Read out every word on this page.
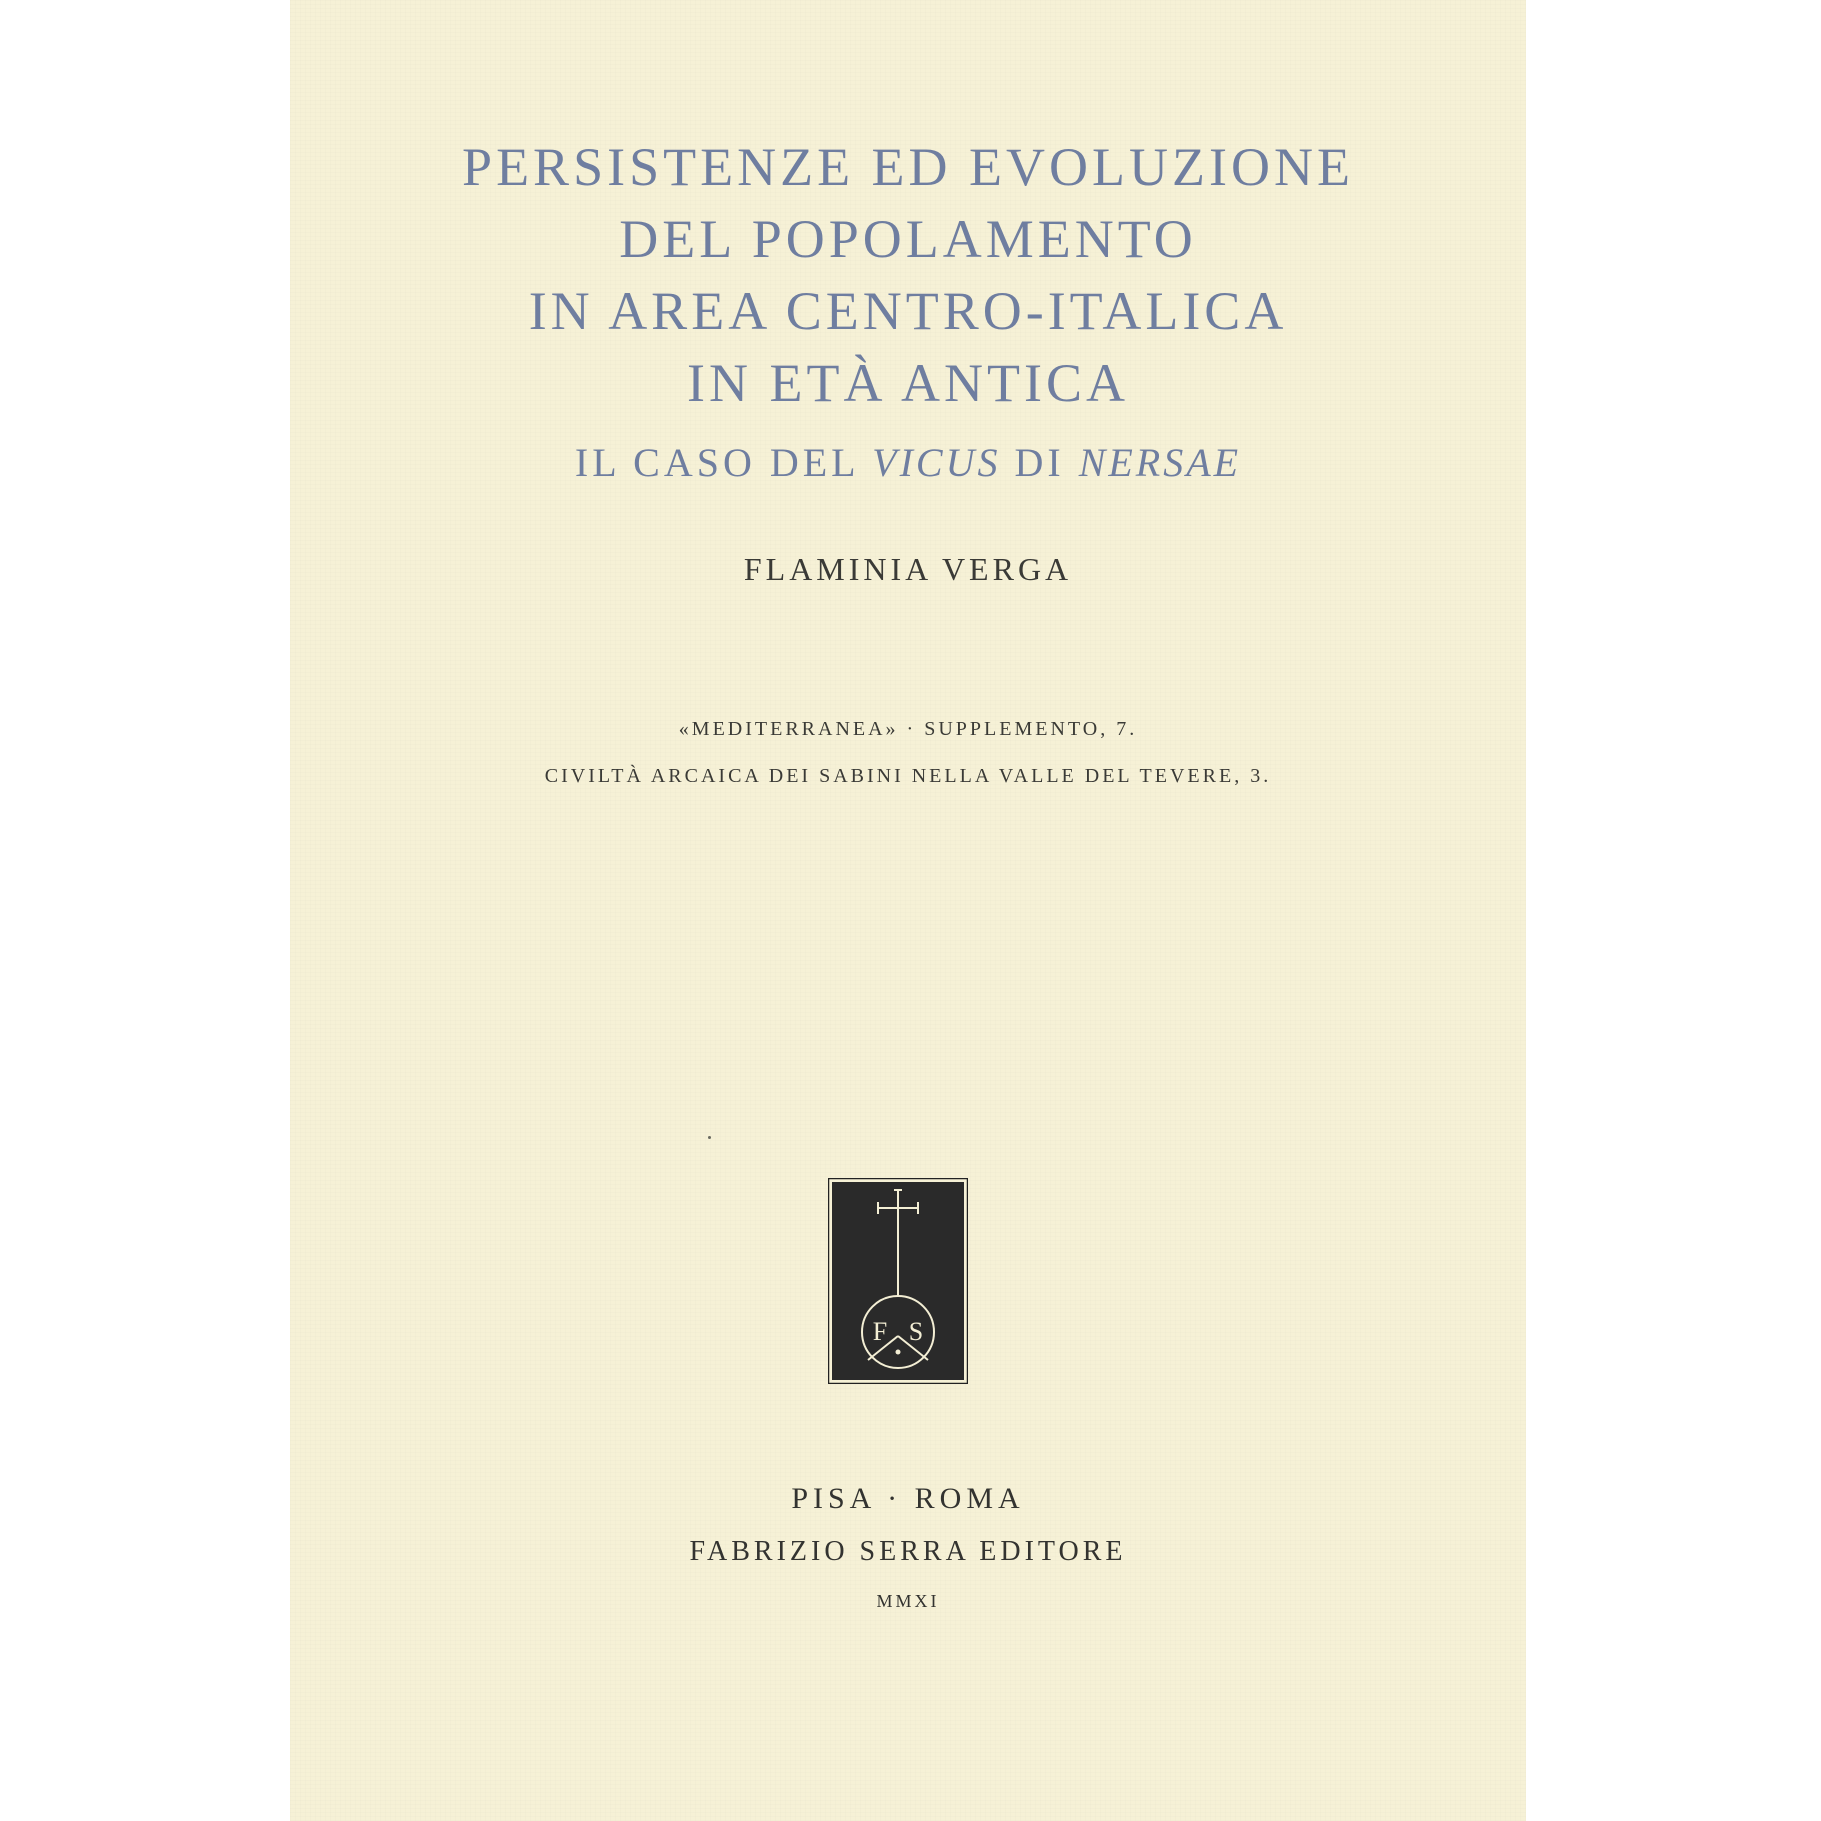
PERSISTENZE ED EVOLUZIONE
DEL POPOLAMENTO
IN AREA CENTRO-ITALICA
IN ETÀ ANTICA
IL CASO DEL VICUS DI NERSAE
FLAMINIA VERGA
«MEDITERRANEA» · SUPPLEMENTO, 7.
CIVILTÀ ARCAICA DEI SABINI NELLA VALLE DEL TEVERE, 3.
F S
PISA · ROMA
FABRIZIO SERRA EDITORE
MMXI
